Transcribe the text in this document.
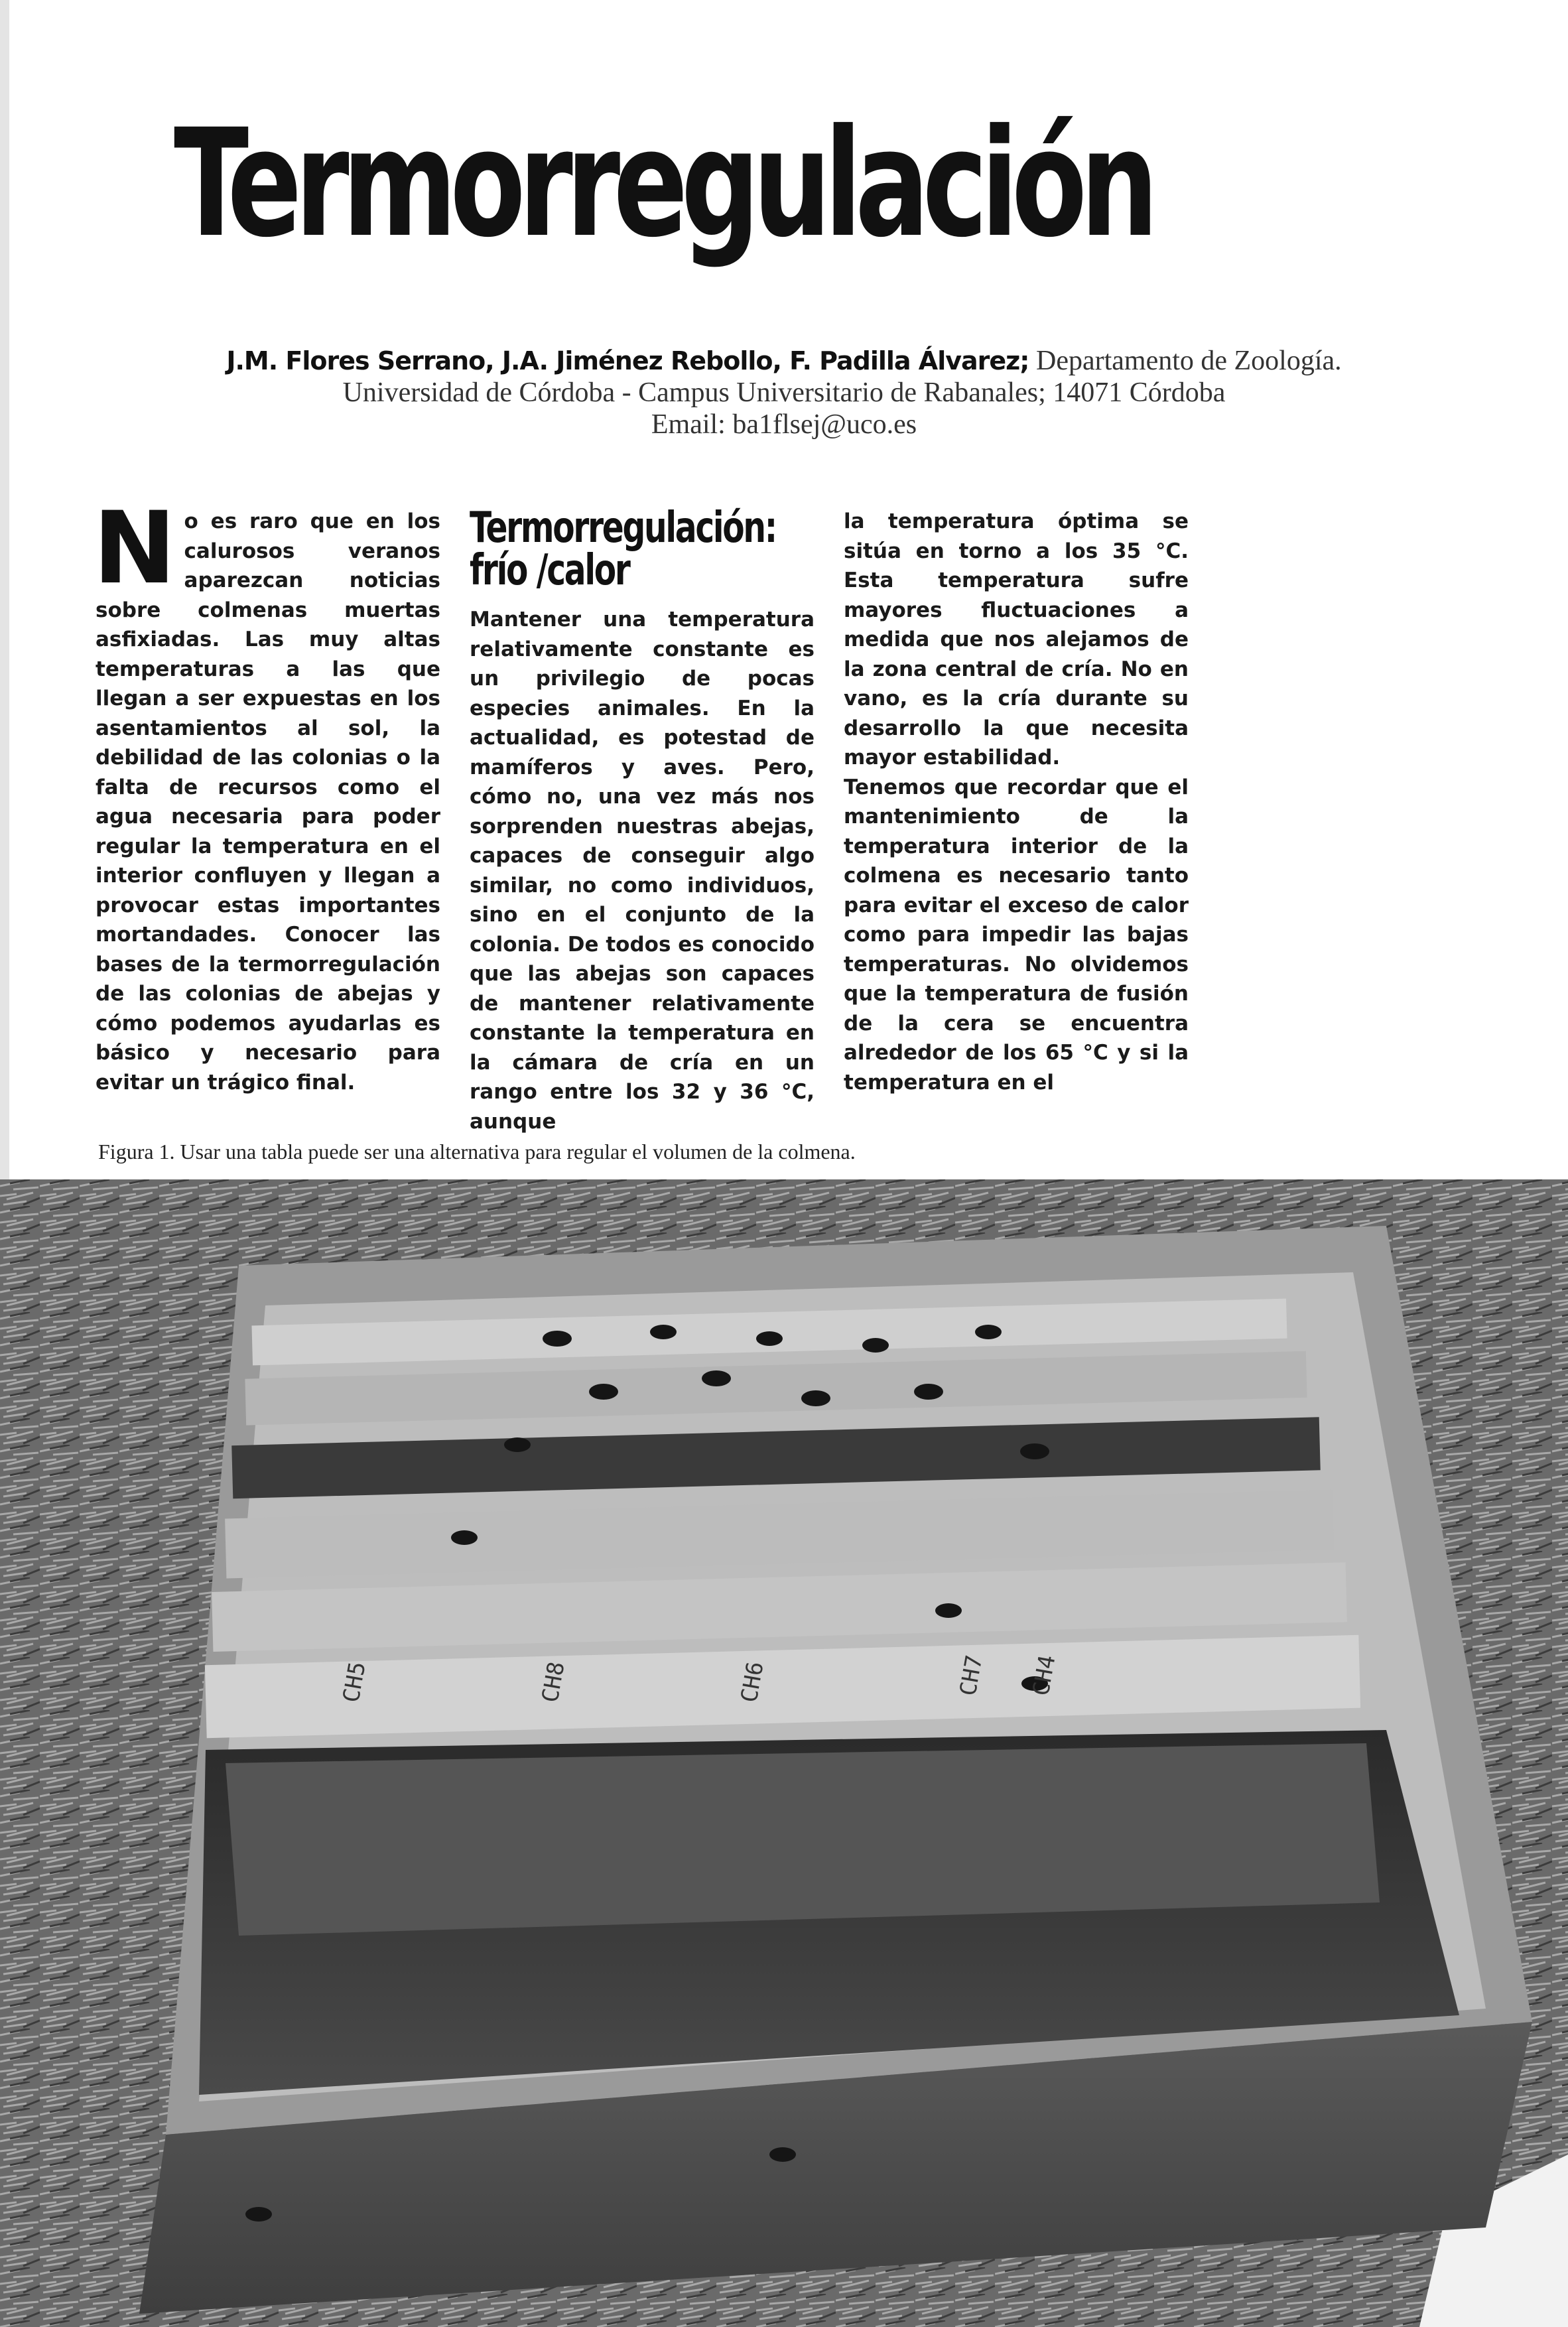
Termorregulación
J.M. Flores Serrano, J.A. Jiménez Rebollo, F. Padilla Álvarez; Departamento de Zoología.
Universidad de Córdoba - Campus Universitario de Rabanales; 14071 Córdoba
Email: ba1flsej@uco.es
N o es raro que en los calurosos veranos aparezcan noticias sobre colmenas muertas asfixiadas. Las muy altas temperaturas a las que llegan a ser expuestas en los asentamientos al sol, la debilidad de las colonias o la falta de recursos como el agua necesaria para poder regular la temperatura en el interior confluyen y llegan a provocar estas importantes mortandades. Conocer las bases de la termorregulación de las colonias de abejas y cómo podemos ayudarlas es básico y necesario para evitar un trágico final.

Termorregulación:
frío /calor

Mantener una temperatura relativamente constante es un privilegio de pocas especies animales. En la actualidad, es potestad de mamíferos y aves. Pero, cómo no, una vez más nos sorprenden nuestras abejas, capaces de conseguir algo similar, no como individuos, sino en el conjunto de la colonia. De todos es conocido que las abejas son capaces de mantener relativamente constante la temperatura en la cámara de cría en un rango entre los 32 y 36 °C, aunque

la temperatura óptima se sitúa en torno a los 35 °C. Esta temperatura sufre mayores fluctuaciones a medida que nos alejamos de la zona central de cría. No en vano, es la cría durante su desarrollo la que necesita mayor estabilidad.

Tenemos que recordar que el mantenimiento de la temperatura interior de la colmena es necesario tanto para evitar el exceso de calor como para impedir las bajas temperaturas. No olvidemos que la temperatura de fusión de la cera se encuentra alrededor de los 65 °C y si la temperatura en el

Figura 1. Usar una tabla puede ser una alternativa para regular el volumen de la colmena.
CH5	CH6	CH7
CH8	CH4
